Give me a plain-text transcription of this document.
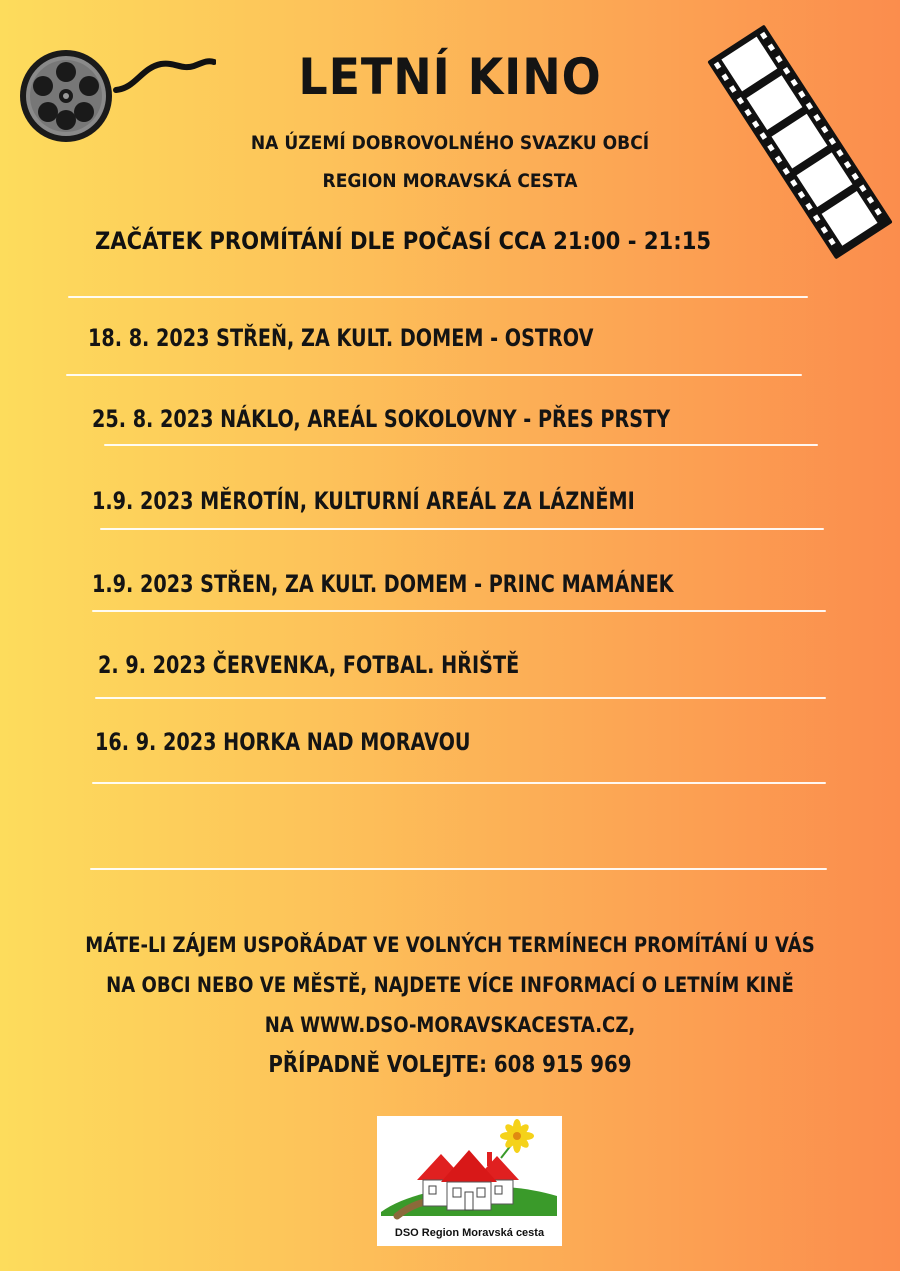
LETNÍ KINO
NA ÚZEMÍ DOBROVOLNÉHO SVAZKU OBCÍ
REGION MORAVSKÁ CESTA
ZAČÁTEK PROMÍTÁNÍ DLE POČASÍ CCA 21:00 - 21:15
18. 8. 2023 STŘEŇ, ZA KULT. DOMEM - OSTROV
25. 8. 2023 NÁKLO, AREÁL SOKOLOVNY - PŘES PRSTY
1.9. 2023 MĚROTÍN, KULTURNÍ AREÁL ZA LÁZNĚMI
1.9. 2023 STŘEN, ZA KULT. DOMEM - PRINC MAMÁNEK
2. 9. 2023 ČERVENKA, FOTBAL. HŘIŠTĚ
16. 9. 2023 HORKA NAD MORAVOU
MÁTE-LI ZÁJEM USPOŘÁDAT VE VOLNÝCH TERMÍNECH PROMÍTÁNÍ U VÁS
NA OBCI NEBO VE MĚSTĚ, NAJDETE VÍCE INFORMACÍ O LETNÍM KINĚ
NA WWW.DSO-MORAVSKACESTA.CZ,
PŘÍPADNĚ VOLEJTE: 608 915 969
DSO Region Moravská cesta
